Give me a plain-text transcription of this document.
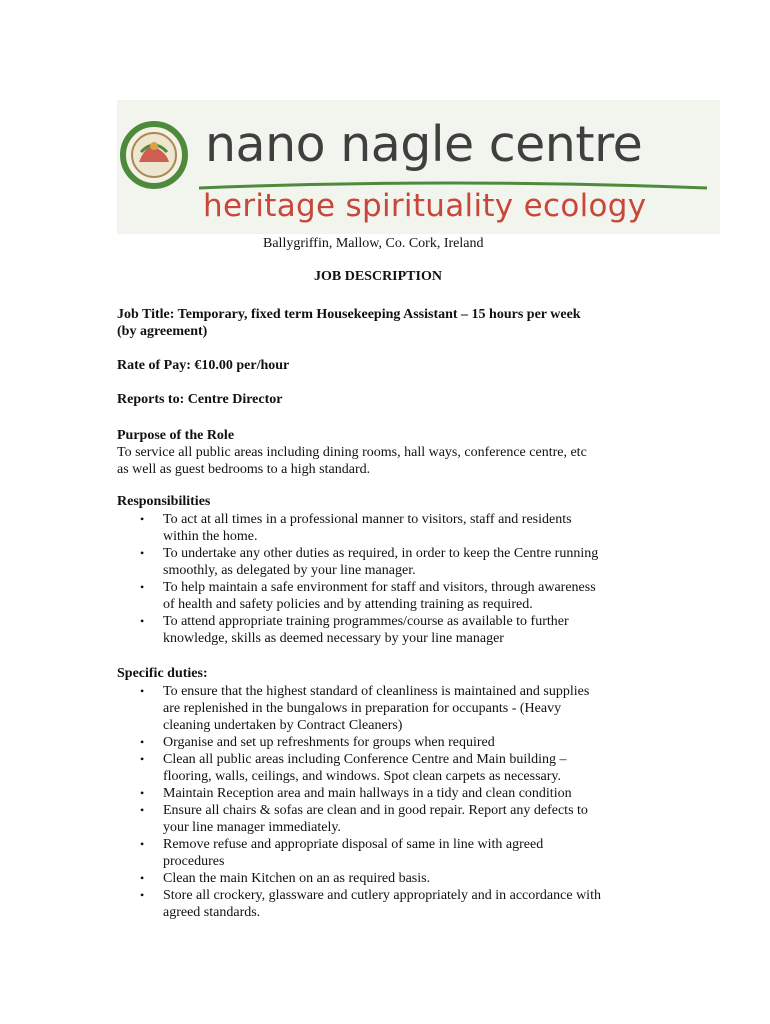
nano nagle centre
heritage spirituality ecology
Ballygriffin, Mallow, Co. Cork, Ireland
JOB DESCRIPTION
Job Title: Temporary, fixed term Housekeeping Assistant – 15 hours per week
(by agreement)
Rate of Pay: €10.00 per/hour
Reports to: Centre Director
Purpose of the Role
To service all public areas including dining rooms, hall ways, conference centre, etc
as well as guest bedrooms to a high standard.
Responsibilities
• To act at all times in a professional manner to visitors, staff and residents
within the home.
• To undertake any other duties as required, in order to keep the Centre running
smoothly, as delegated by your line manager.
• To help maintain a safe environment for staff and visitors, through awareness
of health and safety policies and by attending training as required.
• To attend appropriate training programmes/course as available to further
knowledge, skills as deemed necessary by your line manager
Specific duties:
• To ensure that the highest standard of cleanliness is maintained and supplies
are replenished in the bungalows in preparation for occupants - (Heavy
cleaning undertaken by Contract Cleaners)
• Organise and set up refreshments for groups when required
• Clean all public areas including Conference Centre and Main building –
flooring, walls, ceilings, and windows. Spot clean carpets as necessary.
• Maintain Reception area and main hallways in a tidy and clean condition
• Ensure all chairs & sofas are clean and in good repair. Report any defects to
your line manager immediately.
• Remove refuse and appropriate disposal of same in line with agreed
procedures
• Clean the main Kitchen on an as required basis.
• Store all crockery, glassware and cutlery appropriately and in accordance with
agreed standards.
